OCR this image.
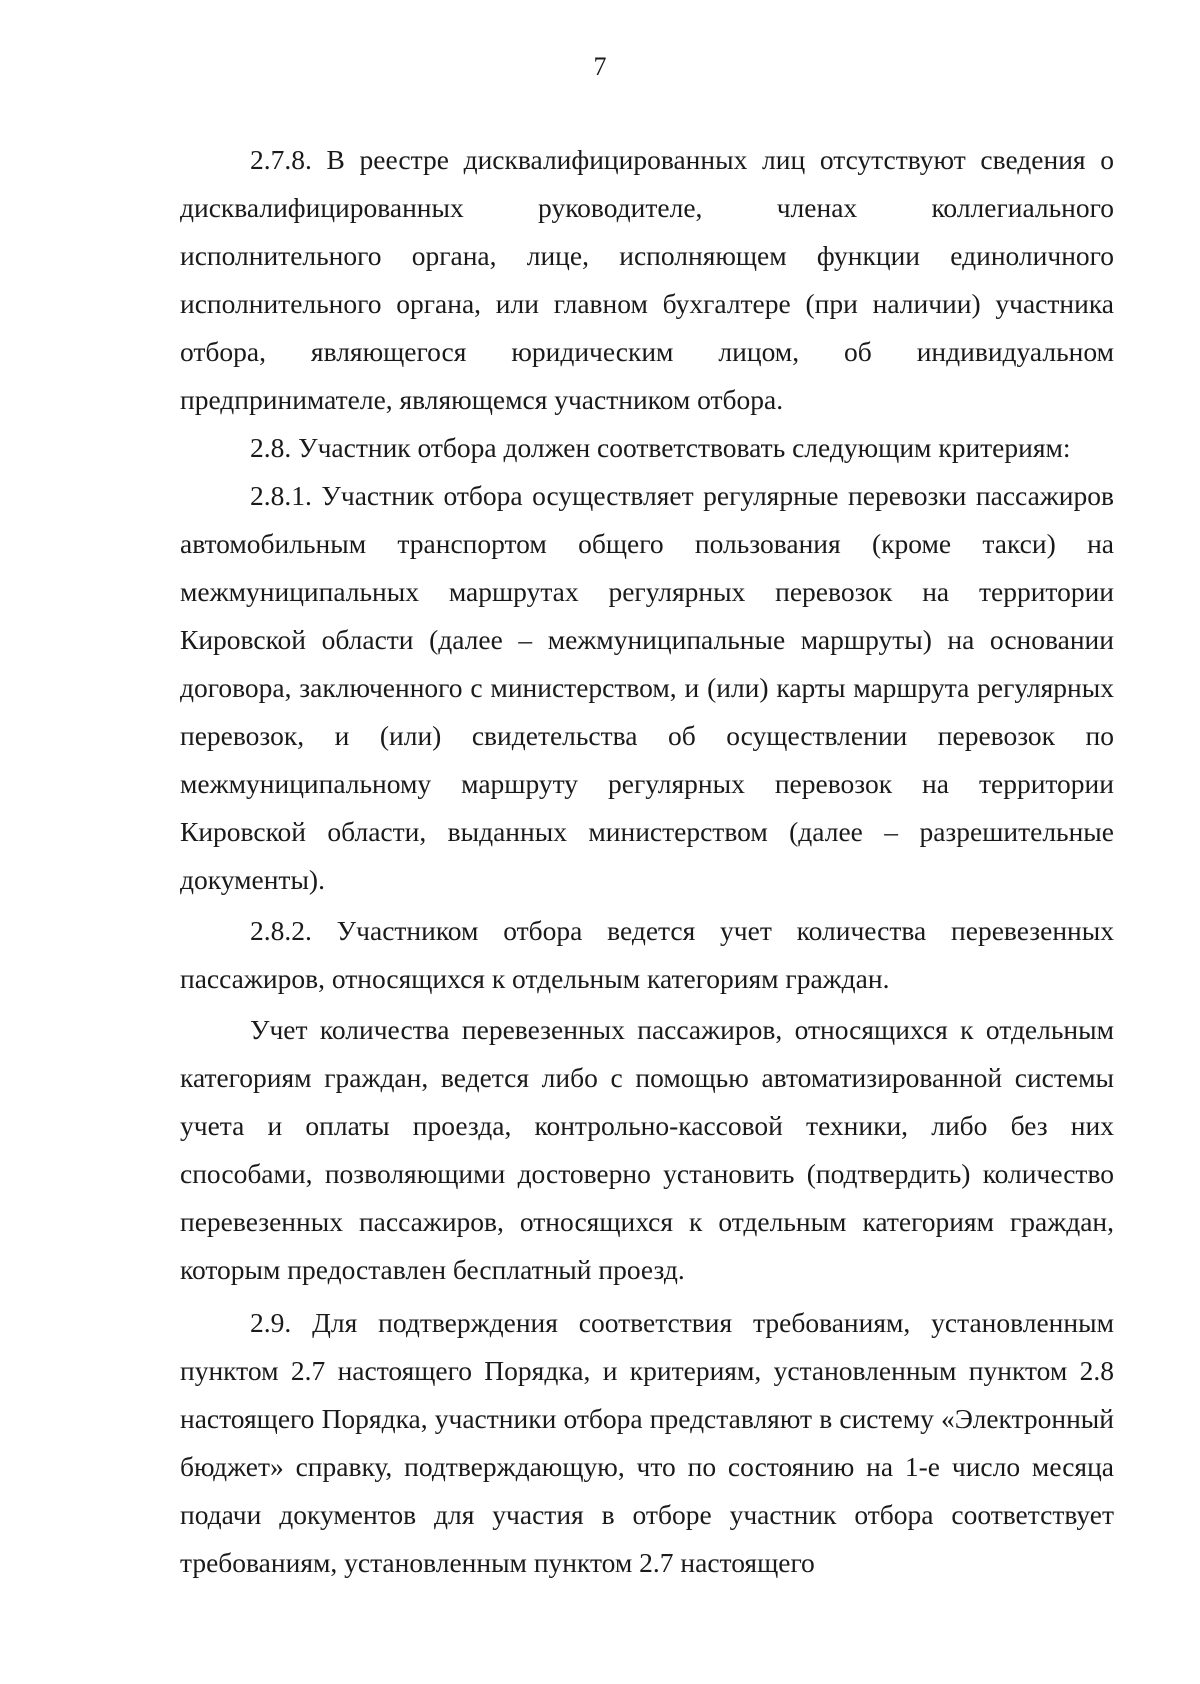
7

2.7.8. В реестре дисквалифицированных лиц отсутствуют сведения о дисквалифицированных руководителе, членах коллегиального исполнительного органа, лице, исполняющем функции единоличного исполнительного органа, или главном бухгалтере (при наличии) участника отбора, являющегося юридическим лицом, об индивидуальном предпринимателе, являющемся участником отбора.

2.8. Участник отбора должен соответствовать следующим критериям:

2.8.1. Участник отбора осуществляет регулярные перевозки пассажиров автомобильным транспортом общего пользования (кроме такси) на межмуниципальных маршрутах регулярных перевозок на территории Кировской области (далее – межмуниципальные маршруты) на основании договора, заключенного с министерством, и (или) карты маршрута регулярных перевозок, и (или) свидетельства об осуществлении перевозок по межмуниципальному маршруту регулярных перевозок на территории Кировской области, выданных министерством (далее – разрешительные документы).

2.8.2. Участником отбора ведется учет количества перевезенных пассажиров, относящихся к отдельным категориям граждан.

Учет количества перевезенных пассажиров, относящихся к отдельным категориям граждан, ведется либо с помощью автоматизированной системы учета и оплаты проезда, контрольно-кассовой техники, либо без них способами, позволяющими достоверно установить (подтвердить) количество перевезенных пассажиров, относящихся к отдельным категориям граждан, которым предоставлен бесплатный проезд.

2.9. Для подтверждения соответствия требованиям, установленным пунктом 2.7 настоящего Порядка, и критериям, установленным пунктом 2.8 настоящего Порядка, участники отбора представляют в систему «Электронный бюджет» справку, подтверждающую, что по состоянию на 1-е число месяца подачи документов для участия в отборе участник отбора соответствует требованиям, установленным пунктом 2.7 настоящего
